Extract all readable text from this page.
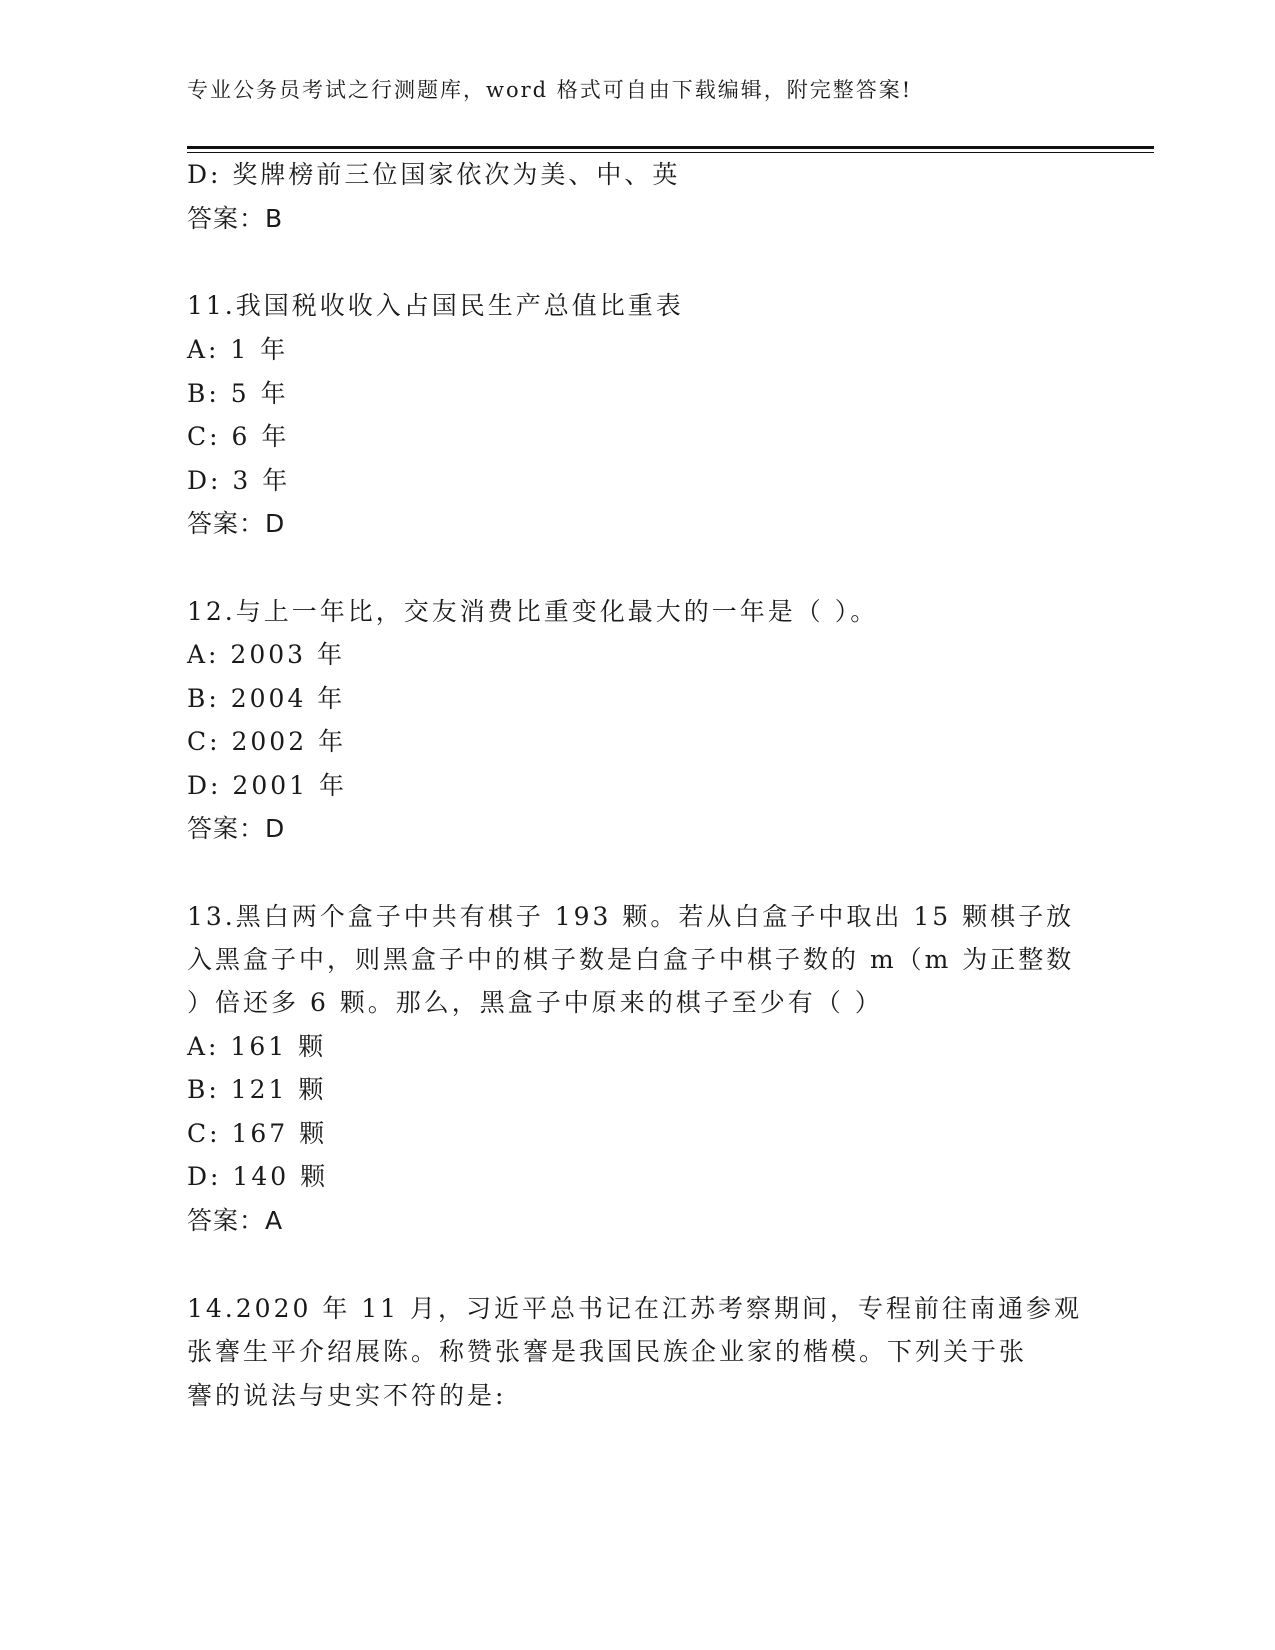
专业公务员考试之行测题库，word 格式可自由下载编辑，附完整答案!
D: 奖牌榜前三位国家依次为美、中、英
答案：B
11.我国税收收入占国民生产总值比重表
A: 1 年
B: 5 年
C: 6 年
D: 3 年
答案：D
12.与上一年比，交友消费比重变化最大的一年是（ ）。
A: 2003 年
B: 2004 年
C: 2002 年
D: 2001 年
答案：D
13.黑白两个盒子中共有棋子 193 颗。若从白盒子中取出 15 颗棋子放
入黑盒子中，则黑盒子中的棋子数是白盒子中棋子数的 m（m 为正整数
）倍还多 6 颗。那么，黑盒子中原来的棋子至少有（ ）
A: 161 颗
B: 121 颗
C: 167 颗
D: 140 颗
答案：A
14.2020 年 11 月，习近平总书记在江苏考察期间，专程前往南通参观
张謇生平介绍展陈。称赞张謇是我国民族企业家的楷模。下列关于张
謇的说法与史实不符的是:
